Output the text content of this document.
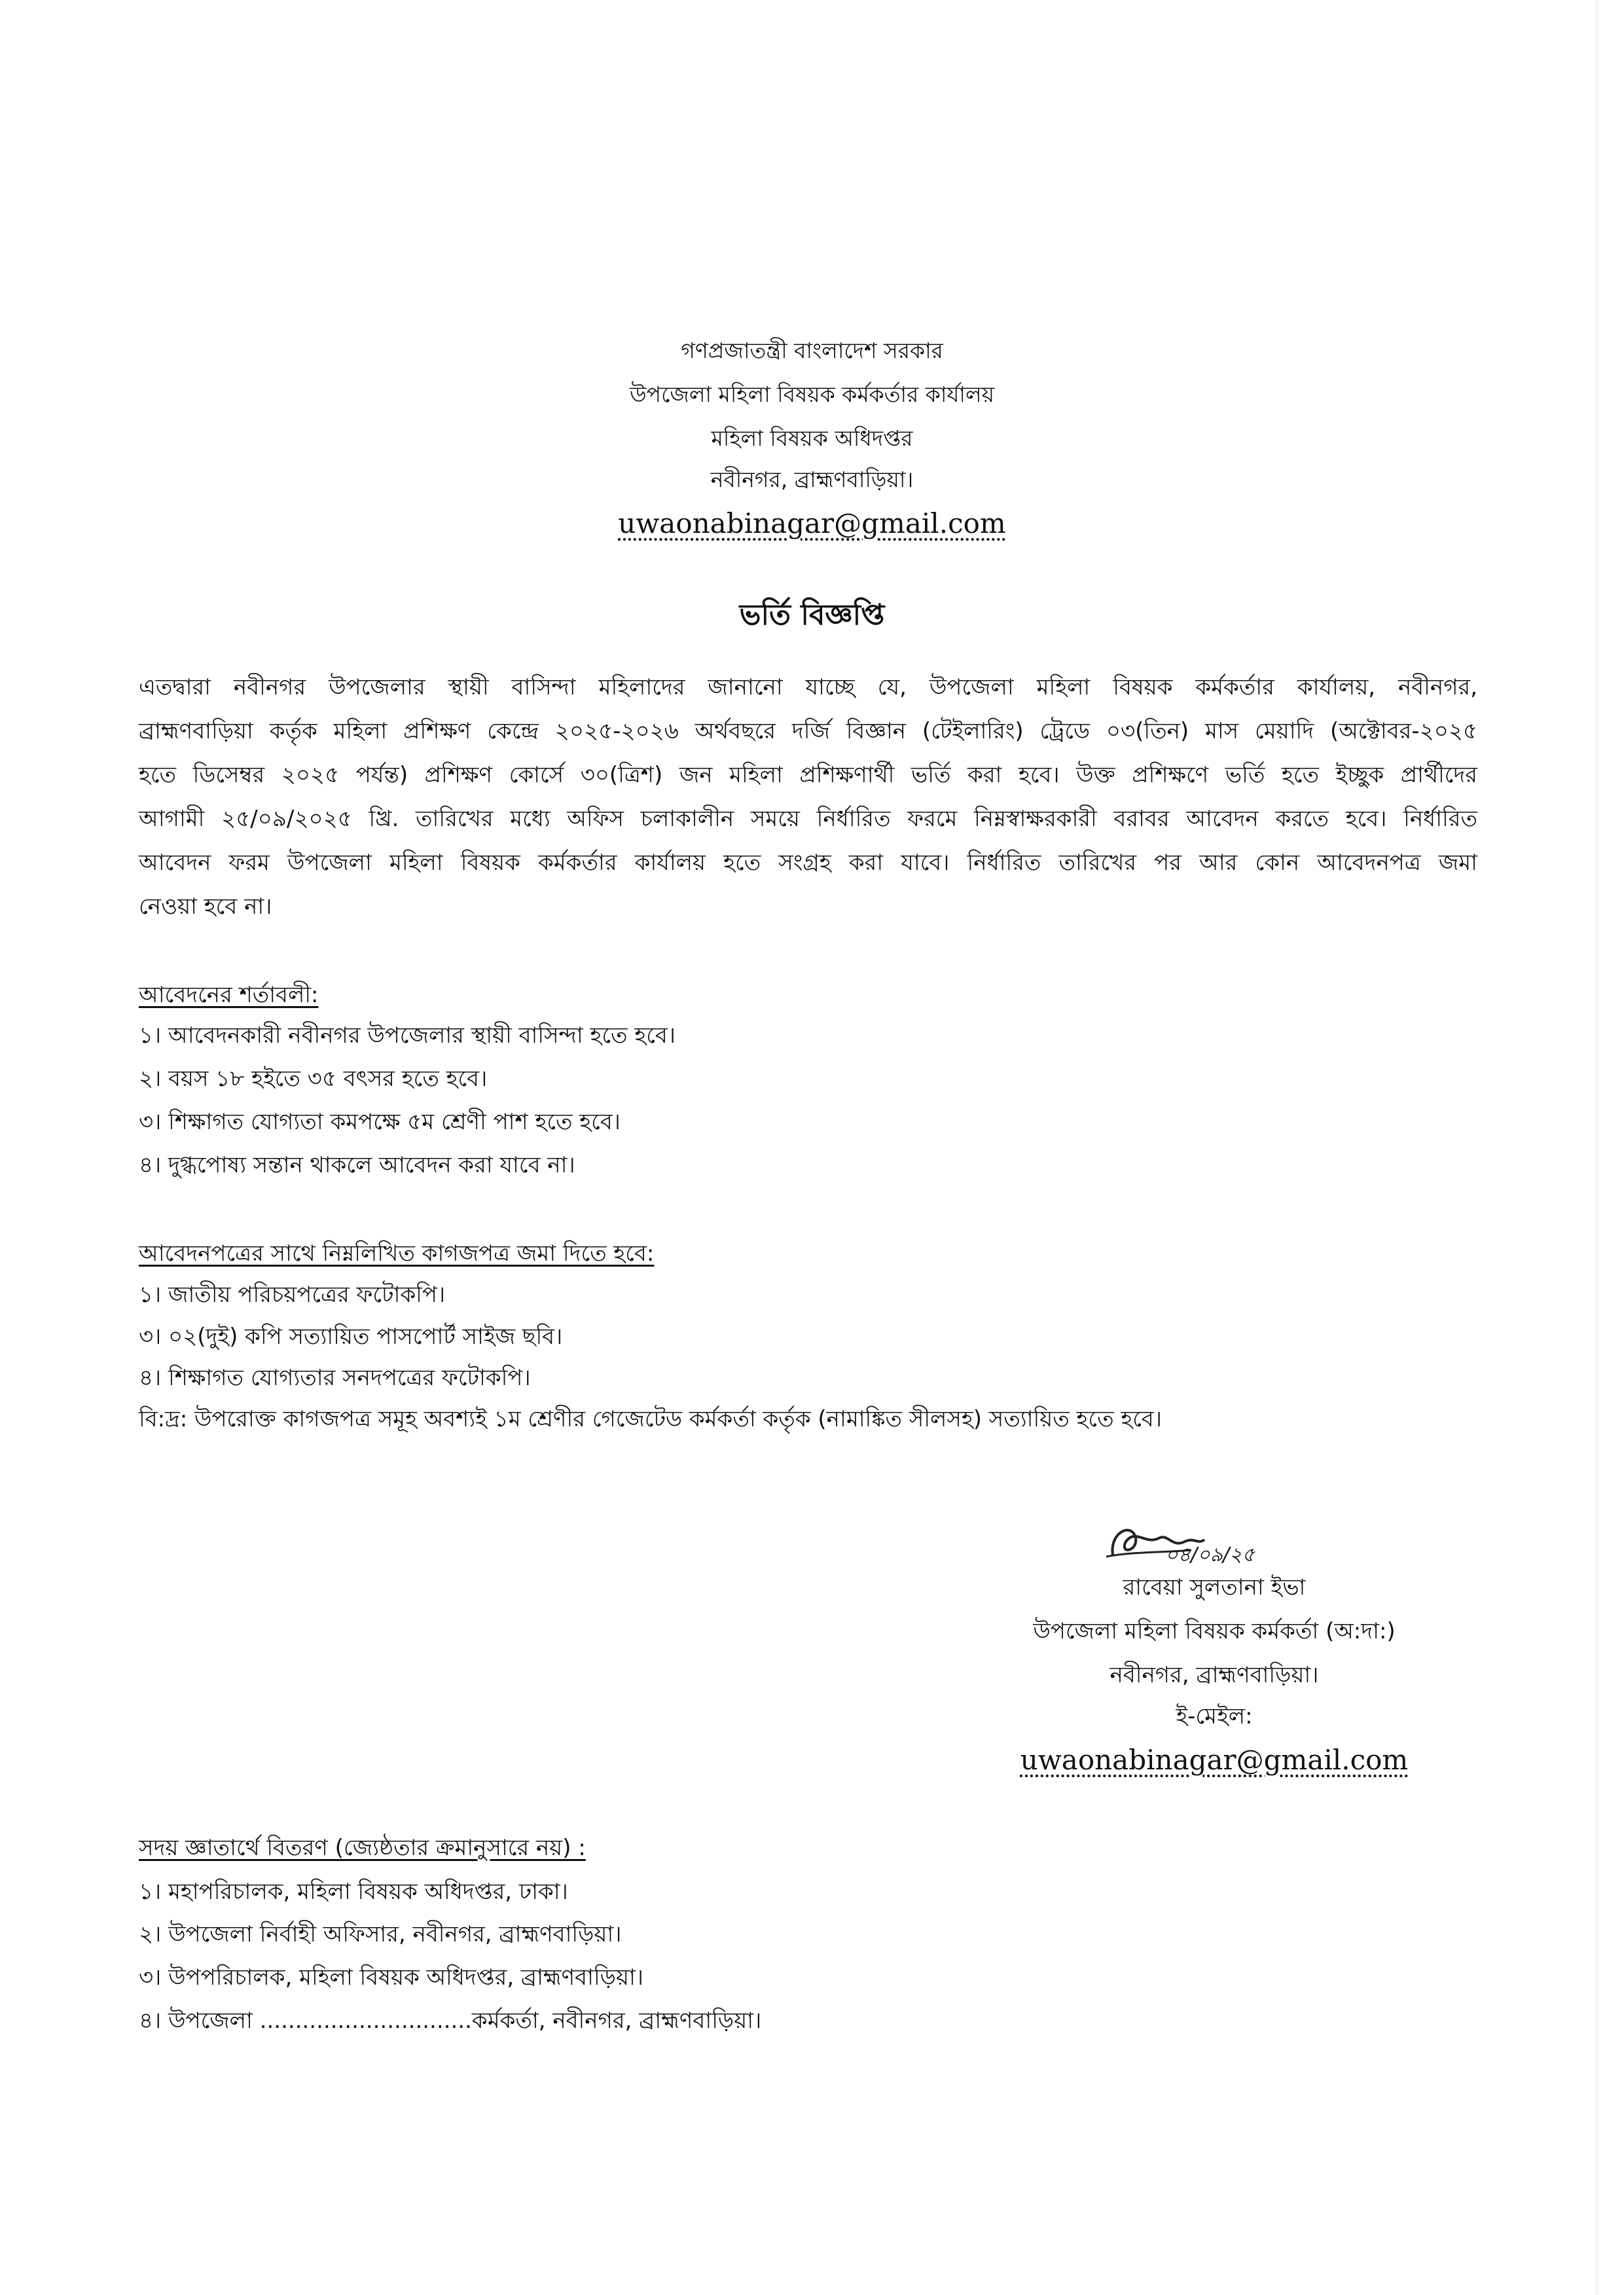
গণপ্রজাতন্ত্রী বাংলাদেশ সরকার
উপজেলা মহিলা বিষয়ক কর্মকর্তার কার্যালয়
মহিলা বিষয়ক অধিদপ্তর
নবীনগর, ব্রাহ্মণবাড়িয়া।
uwaonabinagar@gmail.com
ভর্তি বিজ্ঞপ্তি
এতদ্বারা নবীনগর উপজেলার স্থায়ী বাসিন্দা মহিলাদের জানানো যাচ্ছে যে, উপজেলা মহিলা বিষয়ক কর্মকর্তার কার্যালয়, নবীনগর,
ব্রাহ্মণবাড়িয়া কর্তৃক মহিলা প্রশিক্ষণ কেন্দ্রে ২০২৫-২০২৬ অর্থবছরে দর্জি বিজ্ঞান (টেইলারিং) ট্রেডে ০৩(তিন) মাস মেয়াদি (অক্টোবর-২০২৫
হতে ডিসেম্বর ২০২৫ পর্যন্ত) প্রশিক্ষণ কোর্সে ৩০(ত্রিশ) জন মহিলা প্রশিক্ষণার্থী ভর্তি করা হবে। উক্ত প্রশিক্ষণে ভর্তি হতে ইচ্ছুক প্রার্থীদের
আগামী ২৫/০৯/২০২৫ খ্রি. তারিখের মধ্যে অফিস চলাকালীন সময়ে নির্ধারিত ফরমে নিম্নস্বাক্ষরকারী বরাবর আবেদন করতে হবে। নির্ধারিত
আবেদন ফরম উপজেলা মহিলা বিষয়ক কর্মকর্তার কার্যালয় হতে সংগ্রহ করা যাবে। নির্ধারিত তারিখের পর আর কোন আবেদনপত্র জমা
নেওয়া হবে না।
আবেদনের শর্তাবলী:
১। আবেদনকারী নবীনগর উপজেলার স্থায়ী বাসিন্দা হতে হবে।
২। বয়স ১৮ হইতে ৩৫ বৎসর হতে হবে।
৩। শিক্ষাগত যোগ্যতা কমপক্ষে ৫ম শ্রেণী পাশ হতে হবে।
৪। দুগ্ধপোষ্য সন্তান থাকলে আবেদন করা যাবে না।
আবেদনপত্রের সাথে নিম্নলিখিত কাগজপত্র জমা দিতে হবে:
১। জাতীয় পরিচয়পত্রের ফটোকপি।
৩। ০২(দুই) কপি সত্যায়িত পাসপোর্ট সাইজ ছবি।
৪। শিক্ষাগত যোগ্যতার সনদপত্রের ফটোকপি।
বি:দ্র: উপরোক্ত কাগজপত্র সমূহ অবশ্যই ১ম শ্রেণীর গেজেটেড কর্মকর্তা কর্তৃক (নামাঙ্কিত সীলসহ) সত্যায়িত হতে হবে।
০৪/০৯/২৫
রাবেয়া সুলতানা ইভা
উপজেলা মহিলা বিষয়ক কর্মকর্তা (অ:দা:)
নবীনগর, ব্রাহ্মণবাড়িয়া।
ই-মেইল:
uwaonabinagar@gmail.com
সদয় জ্ঞাতার্থে বিতরণ (জ্যেষ্ঠতার ক্রমানুসারে নয়) :
১। মহাপরিচালক, মহিলা বিষয়ক অধিদপ্তর, ঢাকা।
২। উপজেলা নির্বাহী অফিসার, নবীনগর, ব্রাহ্মণবাড়িয়া।
৩। উপপরিচালক, মহিলা বিষয়ক অধিদপ্তর, ব্রাহ্মণবাড়িয়া।
৪। উপজেলা ..............................কর্মকর্তা, নবীনগর, ব্রাহ্মণবাড়িয়া।
